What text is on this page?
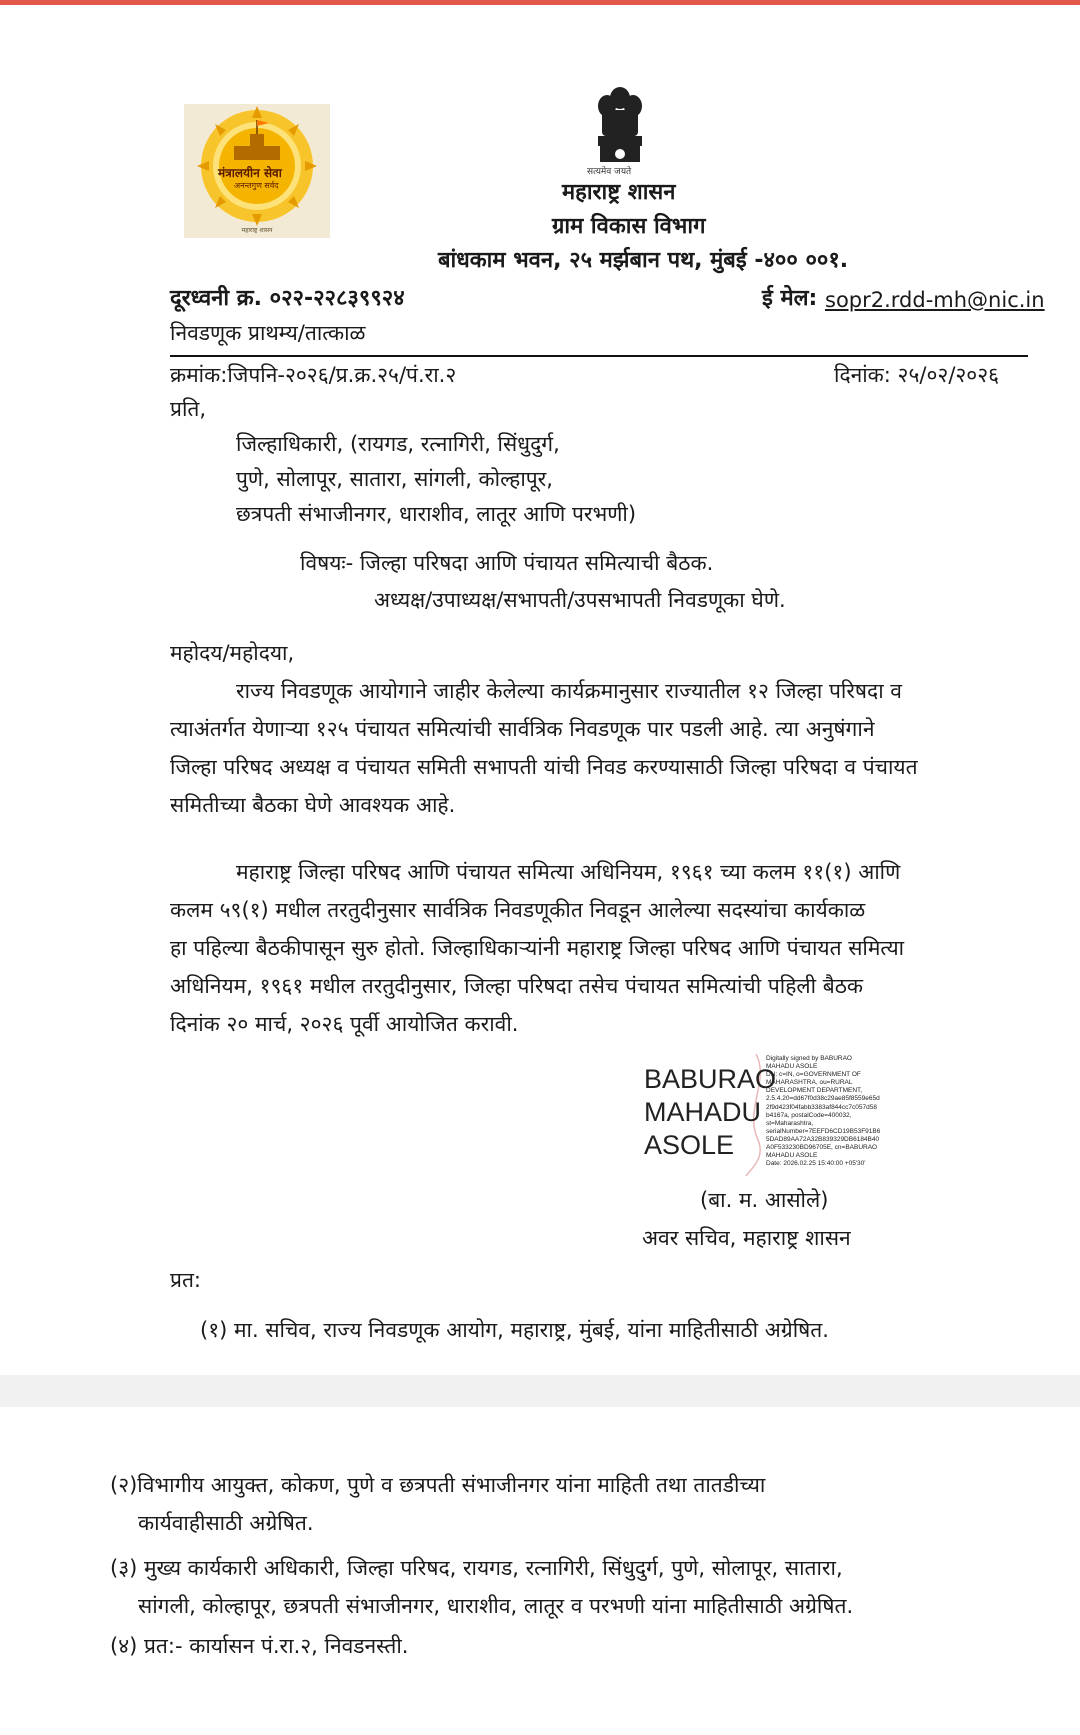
महाराष्ट्र शासन
मंत्रालयीन सेवा
अनन्तगुण सर्वद
सत्यमेव जयते
महाराष्ट्र शासन
ग्राम विकास विभाग
बांधकाम भवन, २५ मर्झबान पथ, मुंबई -४०० ००१.
दूरध्वनी क्र. ०२२-२२८३९९२४	ई मेल: sopr2.rdd-mh@nic.in
निवडणूक प्राथम्य/तात्काळ
क्रमांक:जिपनि-२०२६/प्र.क्र.२५/पं.रा.२	दिनांक: २५/०२/२०२६
प्रति,
जिल्हाधिकारी, (रायगड, रत्नागिरी, सिंधुदुर्ग,
पुणे, सोलापूर, सातारा, सांगली, कोल्हापूर,
छत्रपती संभाजीनगर, धाराशीव, लातूर आणि परभणी)
विषयः- जिल्हा परिषदा आणि पंचायत समित्याची बैठक.
अध्यक्ष/उपाध्यक्ष/सभापती/उपसभापती निवडणूका घेणे.
महोदय/महोदया,
राज्य निवडणूक आयोगाने जाहीर केलेल्या कार्यक्रमानुसार राज्यातील १२ जिल्हा परिषदा व
त्याअंतर्गत येणाऱ्या १२५ पंचायत समित्यांची सार्वत्रिक निवडणूक पार पडली आहे. त्या अनुषंगाने
जिल्हा परिषद अध्यक्ष व पंचायत समिती सभापती यांची निवड करण्यासाठी जिल्हा परिषदा व पंचायत
समितीच्या बैठका घेणे आवश्यक आहे.
महाराष्ट्र जिल्हा परिषद आणि पंचायत समित्या अधिनियम, १९६१ च्या कलम ११(१) आणि
कलम ५९(१) मधील तरतुदीनुसार सार्वत्रिक निवडणूकीत निवडून आलेल्या सदस्यांचा कार्यकाळ
हा पहिल्या बैठकीपासून सुरु होतो. जिल्हाधिकाऱ्यांनी महाराष्ट्र जिल्हा परिषद आणि पंचायत समित्या
अधिनियम, १९६१ मधील तरतुदीनुसार, जिल्हा परिषदा तसेच पंचायत समित्यांची पहिली बैठक
दिनांक २० मार्च, २०२६ पूर्वी आयोजित करावी.
BABURAO
MAHADU
ASOLE
Digitally signed by BABURAO
MAHADU ASOLE
DN: c=IN, o=GOVERNMENT OF
MAHARASHTRA, ou=RURAL
DEVELOPMENT DEPARTMENT,
2.5.4.20=dd67f0d38c29ae85f8559e65d
2f9d423f04fabb3383af844cc7c057d58
b4167a, postalCode=400032,
st=Maharashtra,
serialNumber=7EEFD6CD19B53F91B6
5DAD89AA72A32B839329DB6184B40
A0F533230BD96705E, cn=BABURAO
MAHADU ASOLE
Date: 2026.02.25 15:40:00 +05'30'
(बा. म. आसोले)
अवर सचिव, महाराष्ट्र शासन
प्रत:
(१) मा. सचिव, राज्य निवडणूक आयोग, महाराष्ट्र, मुंबई, यांना माहितीसाठी अग्रेषित.
(२)विभागीय आयुक्त, कोकण, पुणे व छत्रपती संभाजीनगर यांना माहिती तथा तातडीच्या
कार्यवाहीसाठी अग्रेषित.
(३) मुख्य कार्यकारी अधिकारी, जिल्हा परिषद, रायगड, रत्नागिरी, सिंधुदुर्ग, पुणे, सोलापूर, सातारा,
सांगली, कोल्हापूर, छत्रपती संभाजीनगर, धाराशीव, लातूर व परभणी यांना माहितीसाठी अग्रेषित.
(४) प्रत:- कार्यासन पं.रा.२, निवडनस्ती.
